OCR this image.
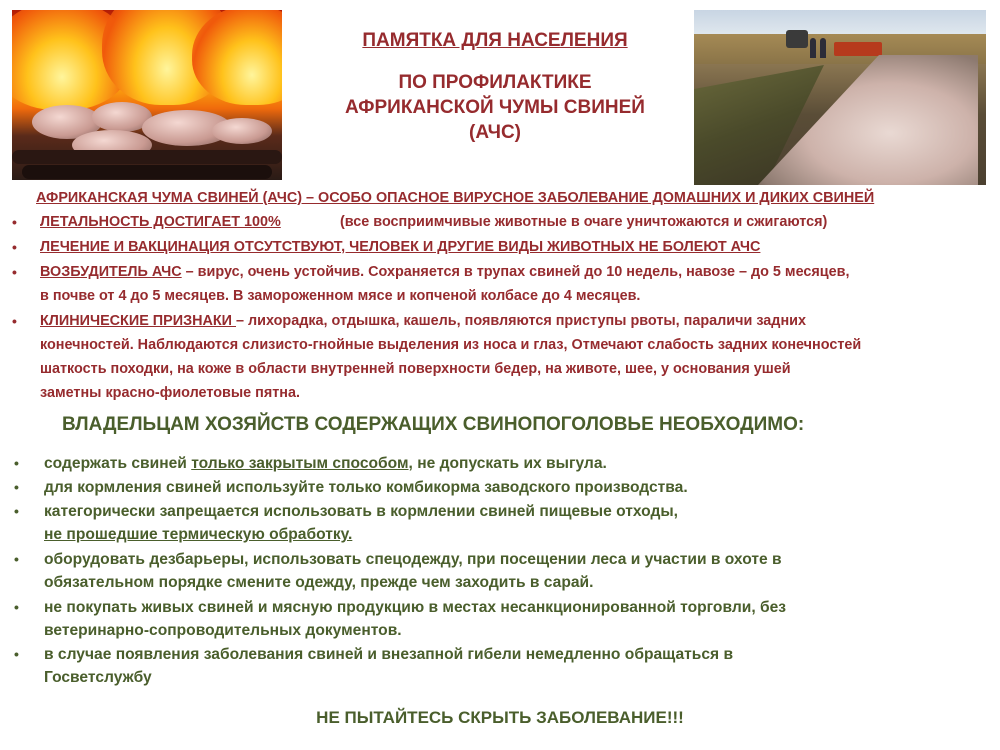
ПАМЯТКА ДЛЯ НАСЕЛЕНИЯ
ПО ПРОФИЛАКТИКЕ
АФРИКАНСКОЙ ЧУМЫ СВИНЕЙ
(АЧС)
АФРИКАНСКАЯ ЧУМА СВИНЕЙ (АЧС) – ОСОБО ОПАСНОЕ ВИРУСНОЕ ЗАБОЛЕВАНИЕ ДОМАШНИХ И ДИКИХ СВИНЕЙ
• ЛЕТАЛЬНОСТЬ ДОСТИГАЕТ 100%	(все восприимчивые животные в очаге уничтожаются и сжигаются)
• ЛЕЧЕНИЕ И ВАКЦИНАЦИЯ ОТСУТСТВУЮТ, ЧЕЛОВЕК И ДРУГИЕ ВИДЫ ЖИВОТНЫХ НЕ БОЛЕЮТ АЧС
• ВОЗБУДИТЕЛЬ АЧС – вирус, очень устойчив. Сохраняется в трупах свиней до 10 недель, навозе – до 5 месяцев,
в почве от 4 до 5 месяцев. В замороженном мясе и копченой колбасе до 4 месяцев.
• КЛИНИЧЕСКИЕ ПРИЗНАКИ – лихорадка, отдышка, кашель, появляются приступы рвоты, параличи задних
конечностей. Наблюдаются слизисто-гнойные выделения из носа и глаз, Отмечают слабость задних конечностей
шаткость походки, на коже в области внутренней поверхности бедер, на животе, шее, у основания ушей
заметны красно-фиолетовые пятна.
ВЛАДЕЛЬЦАМ ХОЗЯЙСТВ СОДЕРЖАЩИХ СВИНОПОГОЛОВЬЕ НЕОБХОДИМО:
• содержать свиней только закрытым способом, не допускать их выгула.
• для кормления свиней используйте только комбикорма заводского производства.
• категорически запрещается использовать в кормлении свиней пищевые отходы,
не прошедшие термическую обработку.
• оборудовать дезбарьеры, использовать спецодежду, при посещении леса и участии в охоте в
обязательном порядке смените одежду, прежде чем заходить в сарай.
• не покупать живых свиней и мясную продукцию в местах несанкционированной торговли, без
ветеринарно-сопроводительных документов.
• в случае появления заболевания свиней и внезапной гибели немедленно обращаться в
Госветслужбу
НЕ ПЫТАЙТЕСЬ СКРЫТЬ ЗАБОЛЕВАНИЕ!!!
